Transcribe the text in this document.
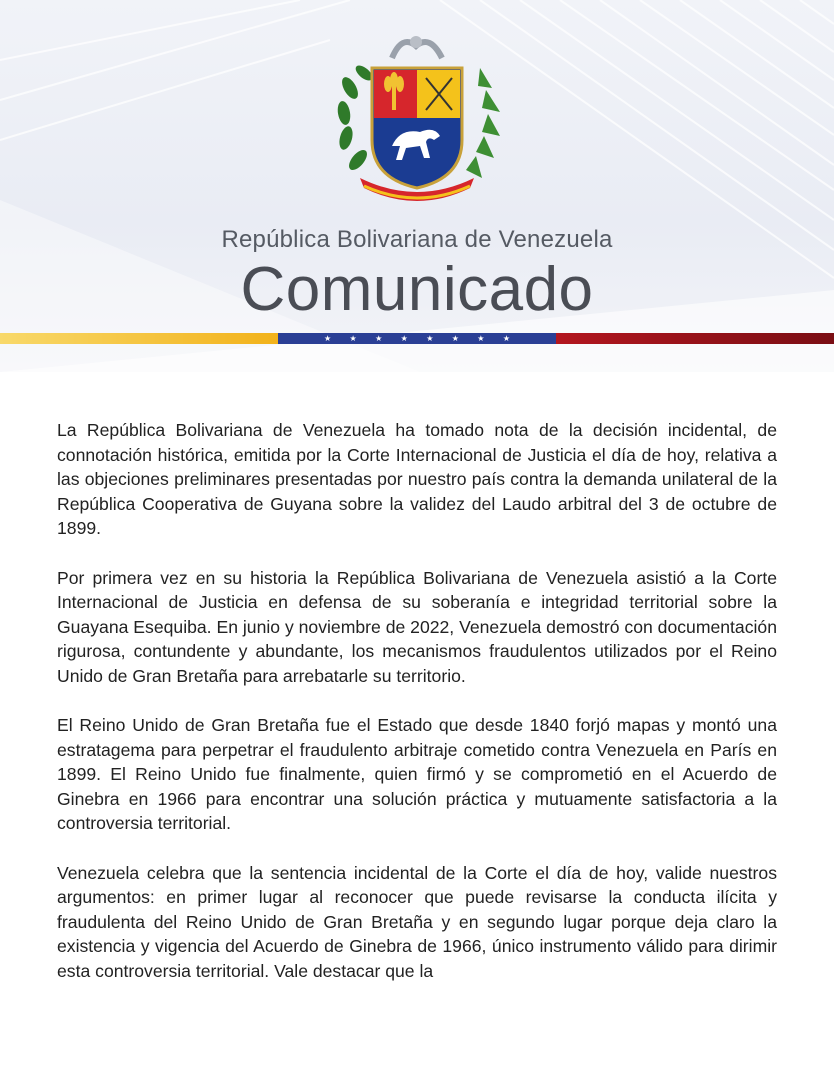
República Bolivariana de Venezuela
Comunicado
★ ★ ★ ★ ★ ★ ★ ★

La República Bolivariana de Venezuela ha tomado nota de la decisión incidental, de connotación histórica, emitida por la Corte Internacional de Justicia el día de hoy, relativa a las objeciones preliminares presentadas por nuestro país contra la demanda unilateral de la República Cooperativa de Guyana sobre la validez del Laudo arbitral del 3 de octubre de 1899.

Por primera vez en su historia la República Bolivariana de Venezuela asistió a la Corte Internacional de Justicia en defensa de su soberanía e integridad territorial sobre la Guayana Esequiba. En junio y noviembre de 2022, Venezuela demostró con documentación rigurosa, contundente y abundante, los mecanismos fraudulentos utilizados por el Reino Unido de Gran Bretaña para arrebatarle su territorio.

El Reino Unido de Gran Bretaña fue el Estado que desde 1840 forjó mapas y montó una estratagema para perpetrar el fraudulento arbitraje cometido contra Venezuela en París en 1899. El Reino Unido fue finalmente, quien firmó y se comprometió en el Acuerdo de Ginebra en 1966 para encontrar una solución práctica y mutuamente satisfactoria a la controversia territorial.

Venezuela celebra que la sentencia incidental de la Corte el día de hoy, valide nuestros argumentos: en primer lugar al reconocer que puede revisarse la conducta ilícita y fraudulenta del Reino Unido de Gran Bretaña y en segundo lugar porque deja claro la existencia y vigencia del Acuerdo de Ginebra de 1966, único instrumento válido para dirimir esta controversia territorial. Vale destacar que la
